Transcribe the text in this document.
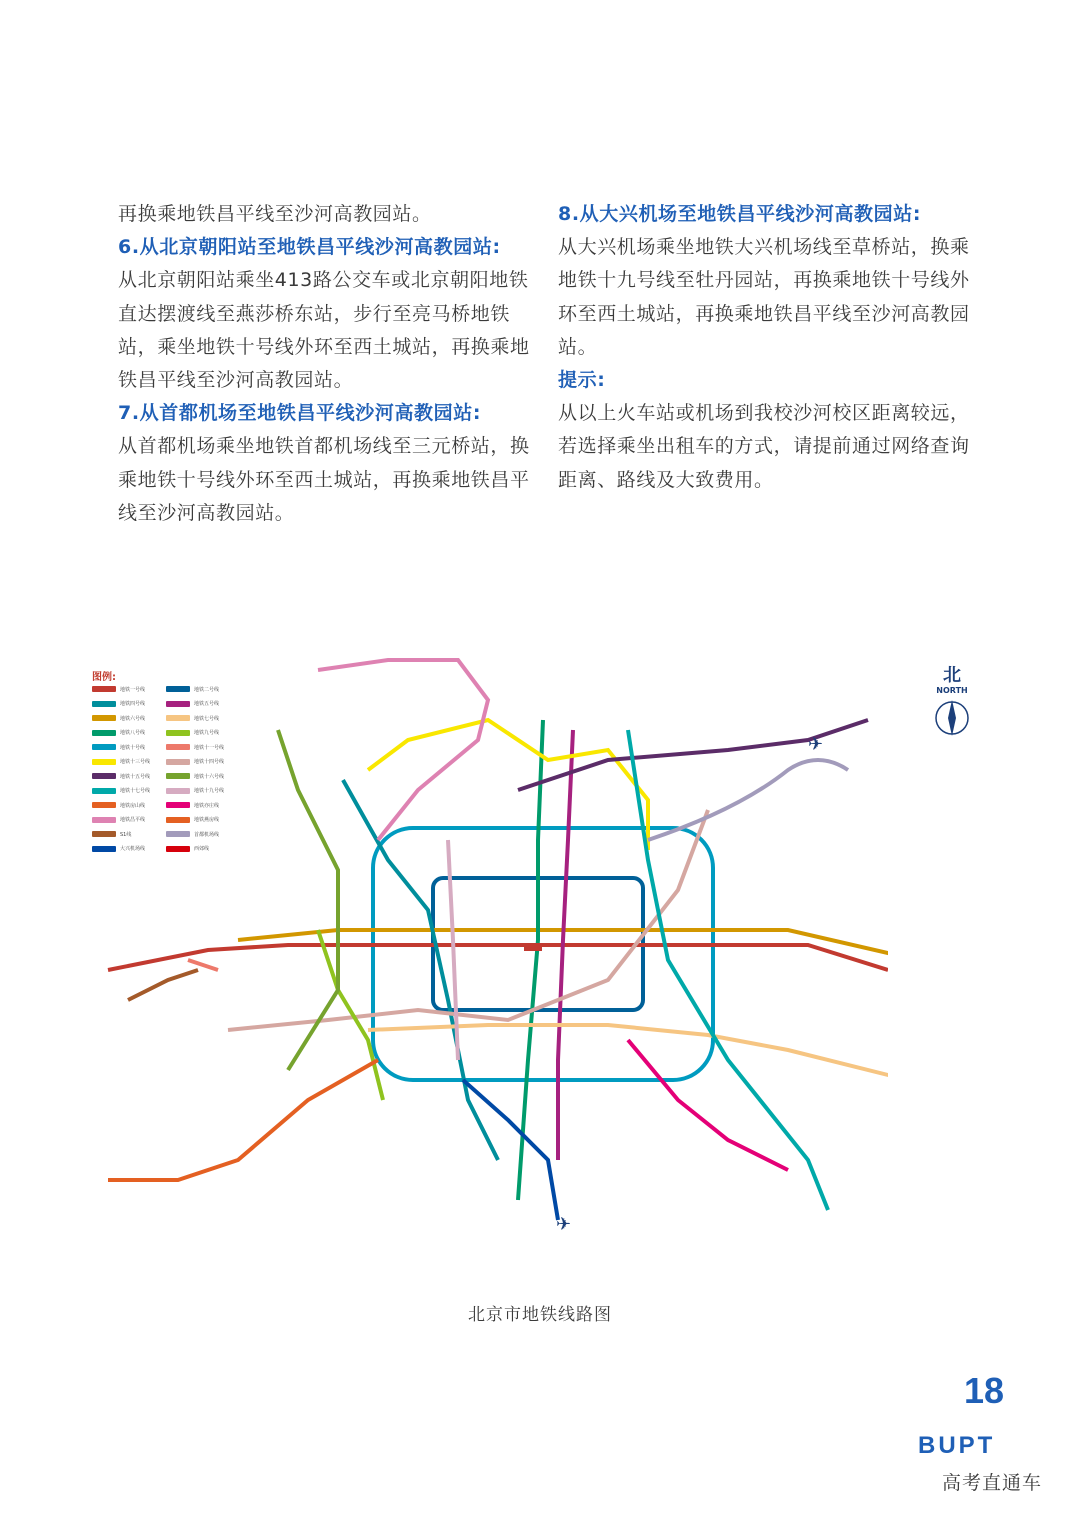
再换乘地铁昌平线至沙河高教园站。

6.从北京朝阳站至地铁昌平线沙河高教园站:

从北京朝阳站乘坐413路公交车或北京朝阳地铁直达摆渡线至燕莎桥东站，步行至亮马桥地铁站，乘坐地铁十号线外环至西土城站，再换乘地铁昌平线至沙河高教园站。

7.从首都机场至地铁昌平线沙河高教园站:

从首都机场乘坐地铁首都机场线至三元桥站，换乘地铁十号线外环至西土城站，再换乘地铁昌平线至沙河高教园站。

8.从大兴机场至地铁昌平线沙河高教园站:

从大兴机场乘坐地铁大兴机场线至草桥站，换乘地铁十九号线至牡丹园站，再换乘地铁十号线外环至西土城站，再换乘地铁昌平线至沙河高教园站。

提示:

从以上火车站或机场到我校沙河校区距离较远，若选择乘坐出租车的方式，请提前通过网络查询距离、路线及大致费用。

✈
✈
图例:
地铁一号线	地铁二号线
地铁四号线	地铁五号线
地铁六号线	地铁七号线
地铁八号线	地铁九号线
地铁十号线	地铁十一号线
地铁十三号线	地铁十四号线
地铁十五号线	地铁十六号线
地铁十七号线	地铁十九号线
地铁房山线	地铁亦庄线
地铁昌平线	地铁燕房线
S1线	首都机场线
大兴机场线	西郊线
北
NORTH
北京市地铁线路图
18
BUPT
高考直通车
